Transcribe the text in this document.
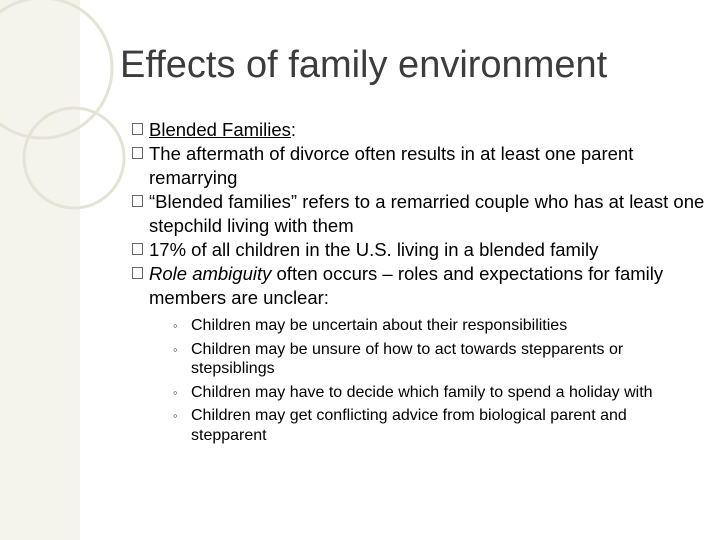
Effects of family environment
Blended Families:
The aftermath of divorce often results in at least one parent remarrying
“Blended families” refers to a remarried couple who has at least one stepchild living with them
17% of all children in the U.S. living in a blended family
Role ambiguity often occurs – roles and expectations for family members are unclear:
◦ Children may be uncertain about their responsibilities
◦ Children may be unsure of how to act towards stepparents or stepsiblings
◦ Children may have to decide which family to spend a holiday with
◦ Children may get conflicting advice from biological parent and stepparent
